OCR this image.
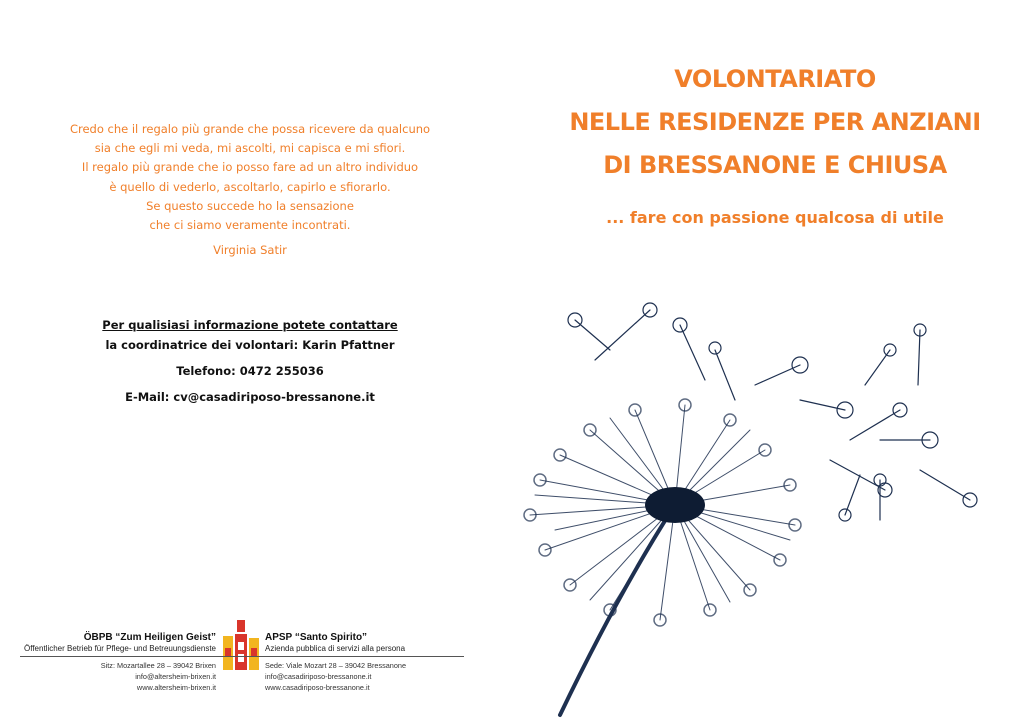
Credo che il regalo più grande che possa ricevere da qualcuno
sia che egli mi veda, mi ascolti, mi capisca e mi sfiori.
Il regalo più grande che io posso fare ad un altro individuo
è quello di vederlo, ascoltarlo, capirlo e sfiorarlo.
Se questo succede ho la sensazione
che ci siamo veramente incontrati.
Virginia Satir
Per qualisiasi informazione potete contattare
la coordinatrice dei volontari: Karin Pfattner
Telefono: 0472 255036
E-Mail: cv@casadiriposo-bressanone.it
VOLONTARIATO
NELLE RESIDENZE PER ANZIANI
DI BRESSANONE E CHIUSA
... fare con passione qualcosa di utile
ÖBPB “Zum Heiligen Geist”
Öffentlicher Betrieb für Pflege- und Betreuungsdienste
APSP “Santo Spirito”
Azienda pubblica di servizi alla persona
Sitz: Mozartallee 28 – 39042 Brixen
info@altersheim-brixen.it
www.altersheim-brixen.it
Sede: Viale Mozart 28 – 39042 Bressanone
info@casadiriposo-bressanone.it
www.casadiriposo-bressanone.it
